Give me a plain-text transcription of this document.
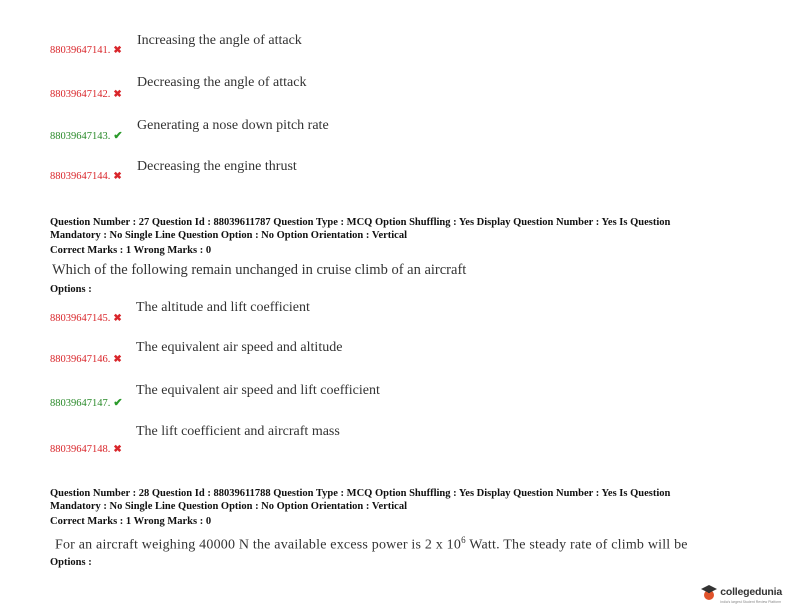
88039647141. ✖
Increasing the angle of attack
88039647142. ✖
Decreasing the angle of attack
88039647143. ✔
Generating a nose down pitch rate
88039647144. ✖
Decreasing the engine thrust
Question Number : 27 Question Id : 88039611787 Question Type : MCQ Option Shuffling : Yes Display Question Number : Yes Is Question
Mandatory : No Single Line Question Option : No Option Orientation : Vertical
Correct Marks : 1 Wrong Marks : 0
Which of the following remain unchanged in cruise climb of an aircraft
Options :
88039647145. ✖
The altitude and lift coefficient
88039647146. ✖
The equivalent air speed and altitude
88039647147. ✔
The equivalent air speed and lift coefficient
88039647148. ✖
The lift coefficient and aircraft mass
Question Number : 28 Question Id : 88039611788 Question Type : MCQ Option Shuffling : Yes Display Question Number : Yes Is Question
Mandatory : No Single Line Question Option : No Option Orientation : Vertical
Correct Marks : 1 Wrong Marks : 0
For an aircraft weighing 40000 N the available excess power is 2 x $10^6$ Watt. The steady rate of climb will be
Options :
collegedunia
India's largest Student Review Platform
